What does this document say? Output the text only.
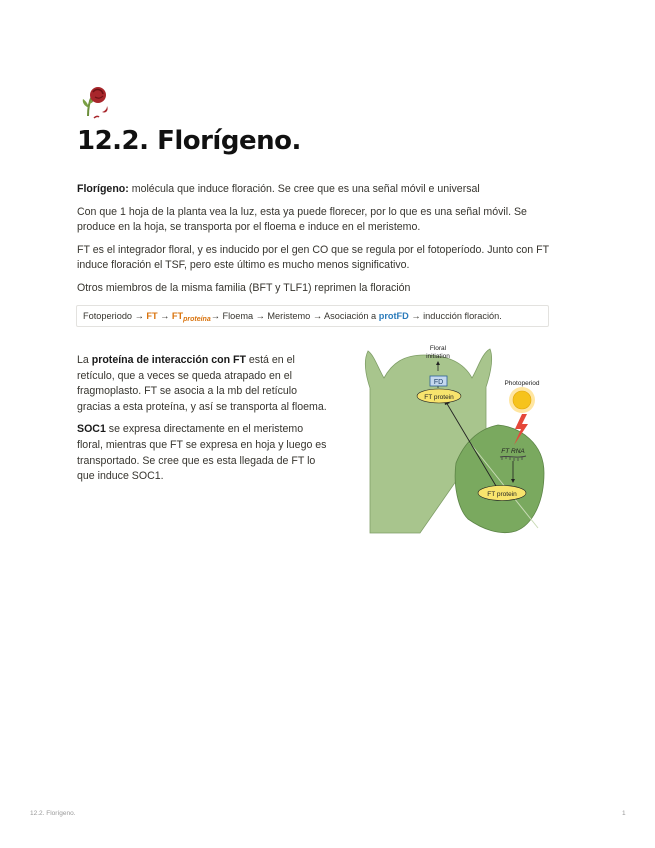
12.2. Florígeno.

Florígeno: molécula que induce floración. Se cree que es una señal móvil e universal

Con que 1 hoja de la planta vea la luz, esta ya puede florecer, por lo que es una señal móvil. Se produce en la hoja, se transporta por el floema e induce en el meristemo.

FT es el integrador floral, y es inducido por el gen CO que se regula por el fotoperíodo. Junto con FT induce floración el TSF, pero este último es mucho menos significativo.

Otros miembros de la misma familia (BFT y TLF1) reprimen la floración

Fotoperiodo → FT → $FT_{proteína}\to$ Floema → Meristemo → Asociación a protFD → inducción floración.

La proteína de interacción con FT está en el retículo, que a veces se queda atrapado en el fragmoplasto. FT se asocia a la mb del retículo gracias a esta proteína, y así se transporta al floema.

SOC1 se expresa directamente en el meristemo floral, mientras que FT se expresa en hoja y luego es transportado. Se cree que es esta llegada de FT lo que induce SOC1.

Floral
initiation
FD
FT protein
Photoperiod
FT RNA
FT protein
12.2. Florígeno.	1
